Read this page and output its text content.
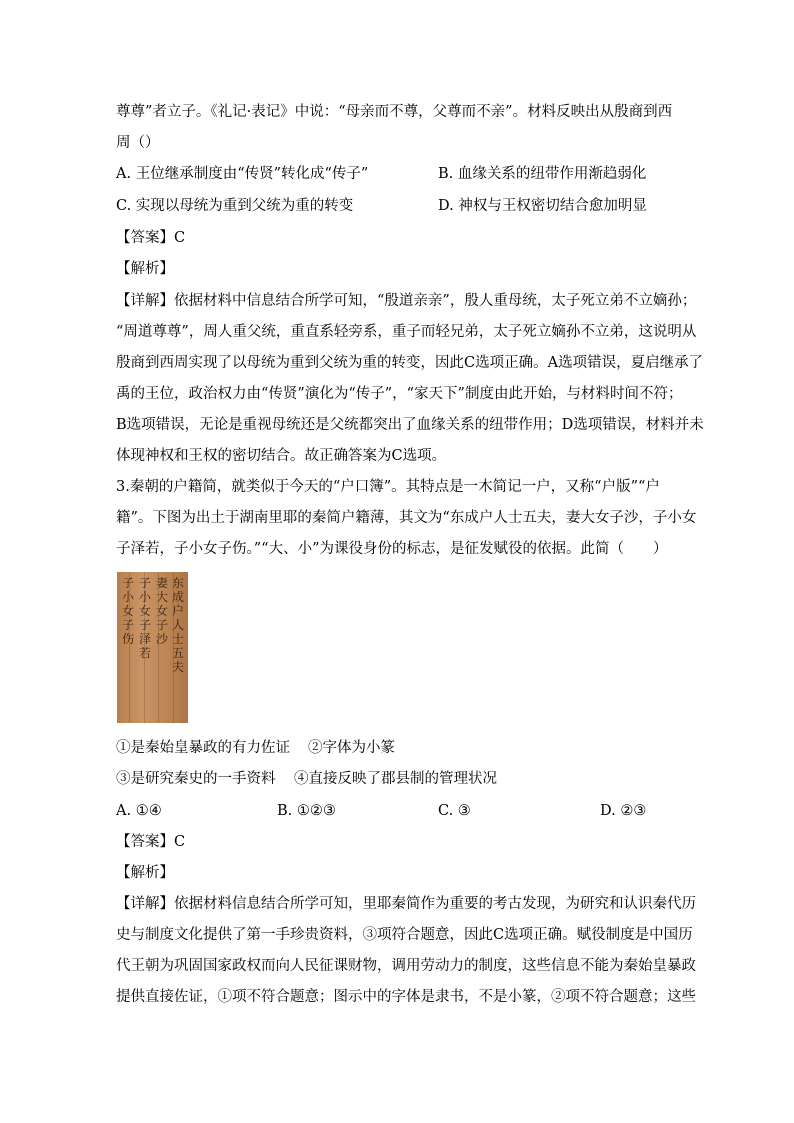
尊尊”者立子。《礼记·表记》中说：“母亲而不尊，父尊而不亲”。材料反映出从殷商到西
周（）
A. 王位继承制度由“传贤”转化成“传子”	B. 血缘关系的纽带作用渐趋弱化
C. 实现以母统为重到父统为重的转变	D. 神权与王权密切结合愈加明显
【答案】C
【解析】
【详解】依据材料中信息结合所学可知，“殷道亲亲”，殷人重母统，太子死立弟不立嫡孙；
“周道尊尊”，周人重父统，重直系轻旁系，重子而轻兄弟，太子死立嫡孙不立弟，这说明从
殷商到西周实现了以母统为重到父统为重的转变，因此C选项正确。A选项错误，夏启继承了
禹的王位，政治权力由“传贤”演化为“传子”，“家天下”制度由此开始，与材料时间不符；
B选项错误，无论是重视母统还是父统都突出了血缘关系的纽带作用；D选项错误，材料并未
体现神权和王权的密切结合。故正确答案为C选项。
3.秦朝的户籍简，就类似于今天的“户口簿”。其特点是一木简记一户，又称“户版”“户
籍”。下图为出土于湖南里耶的秦简户籍薄，其文为“东成户人士五夫，妻大女子沙，子小女
子泽若，子小女子伤。”“大、小”为课役身份的标志，是征发赋役的依据。此简（　　）
东成户人士五夫
妻大女子沙
子小女子泽若
子小女子伤
①是秦始皇暴政的有力佐证 ②字体为小篆
③是研究秦史的一手资料 ④直接反映了郡县制的管理状况
A. ①④	B. ①②③	C. ③	D. ②③
【答案】C
【解析】
【详解】依据材料信息结合所学可知，里耶秦简作为重要的考古发现，为研究和认识秦代历
史与制度文化提供了第一手珍贵资料，③项符合题意，因此C选项正确。赋役制度是中国历
代王朝为巩固国家政权而向人民征课财物，调用劳动力的制度，这些信息不能为秦始皇暴政
提供直接佐证，①项不符合题意；图示中的字体是隶书，不是小篆，②项不符合题意；这些
